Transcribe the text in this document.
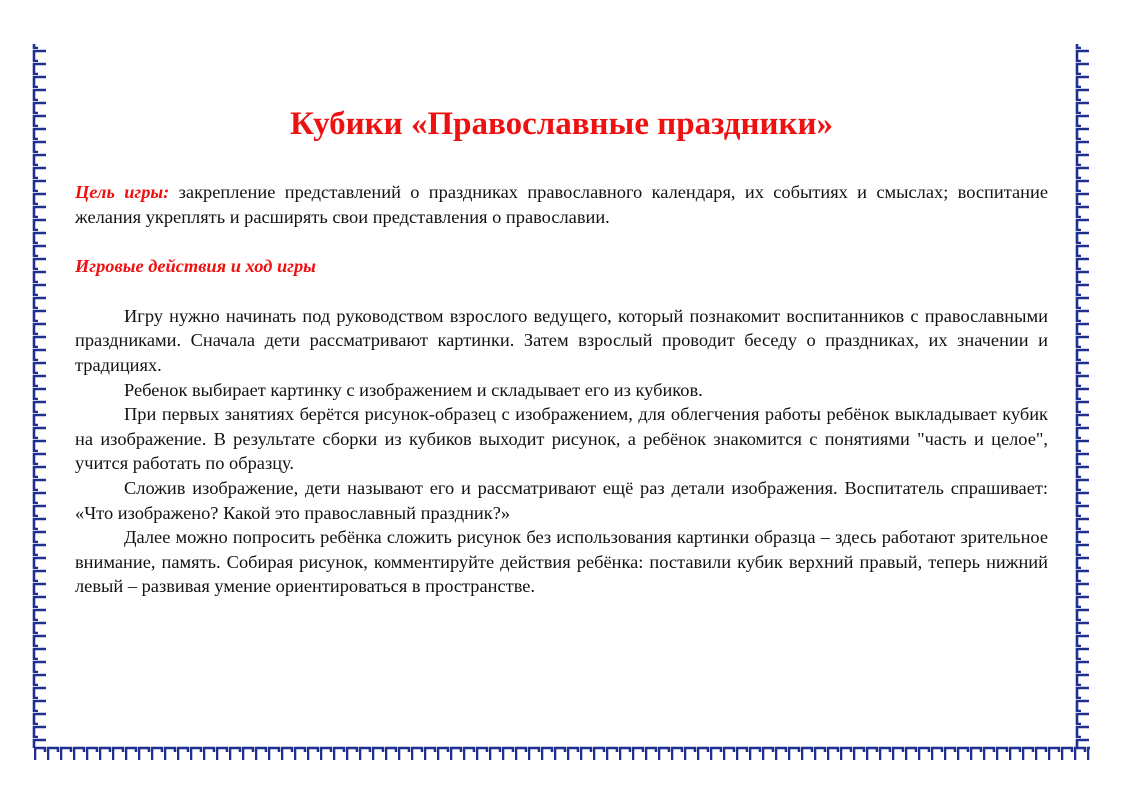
Кубики «Православные праздники»

Цель игры: закрепление представлений о праздниках православного календаря, их событиях и смыслах; воспитание желания укреплять и расширять свои представления о православии.

Игровые действия и ход игры

Игру нужно начинать под руководством взрослого ведущего, который познакомит воспитанников с православными праздниками. Сначала дети рассматривают картинки. Затем взрослый проводит беседу о праздниках, их значении и традициях.

Ребенок выбирает картинку с изображением и складывает его из кубиков.

При первых занятиях берётся рисунок-образец с изображением, для облегчения работы ребёнок выкладывает кубик на изображение. В результате сборки из кубиков выходит рисунок, а ребёнок знакомится с понятиями "часть и целое", учится работать по образцу.

Сложив изображение, дети называют его и рассматривают ещё раз детали изображения. Воспитатель спрашивает: «Что изображено? Какой это православный праздник?»

Далее можно попросить ребёнка сложить рисунок без использования картинки образца – здесь работают зрительное внимание, память. Собирая рисунок, комментируйте действия ребёнка: поставили кубик верхний правый, теперь нижний левый – развивая умение ориентироваться в пространстве.
